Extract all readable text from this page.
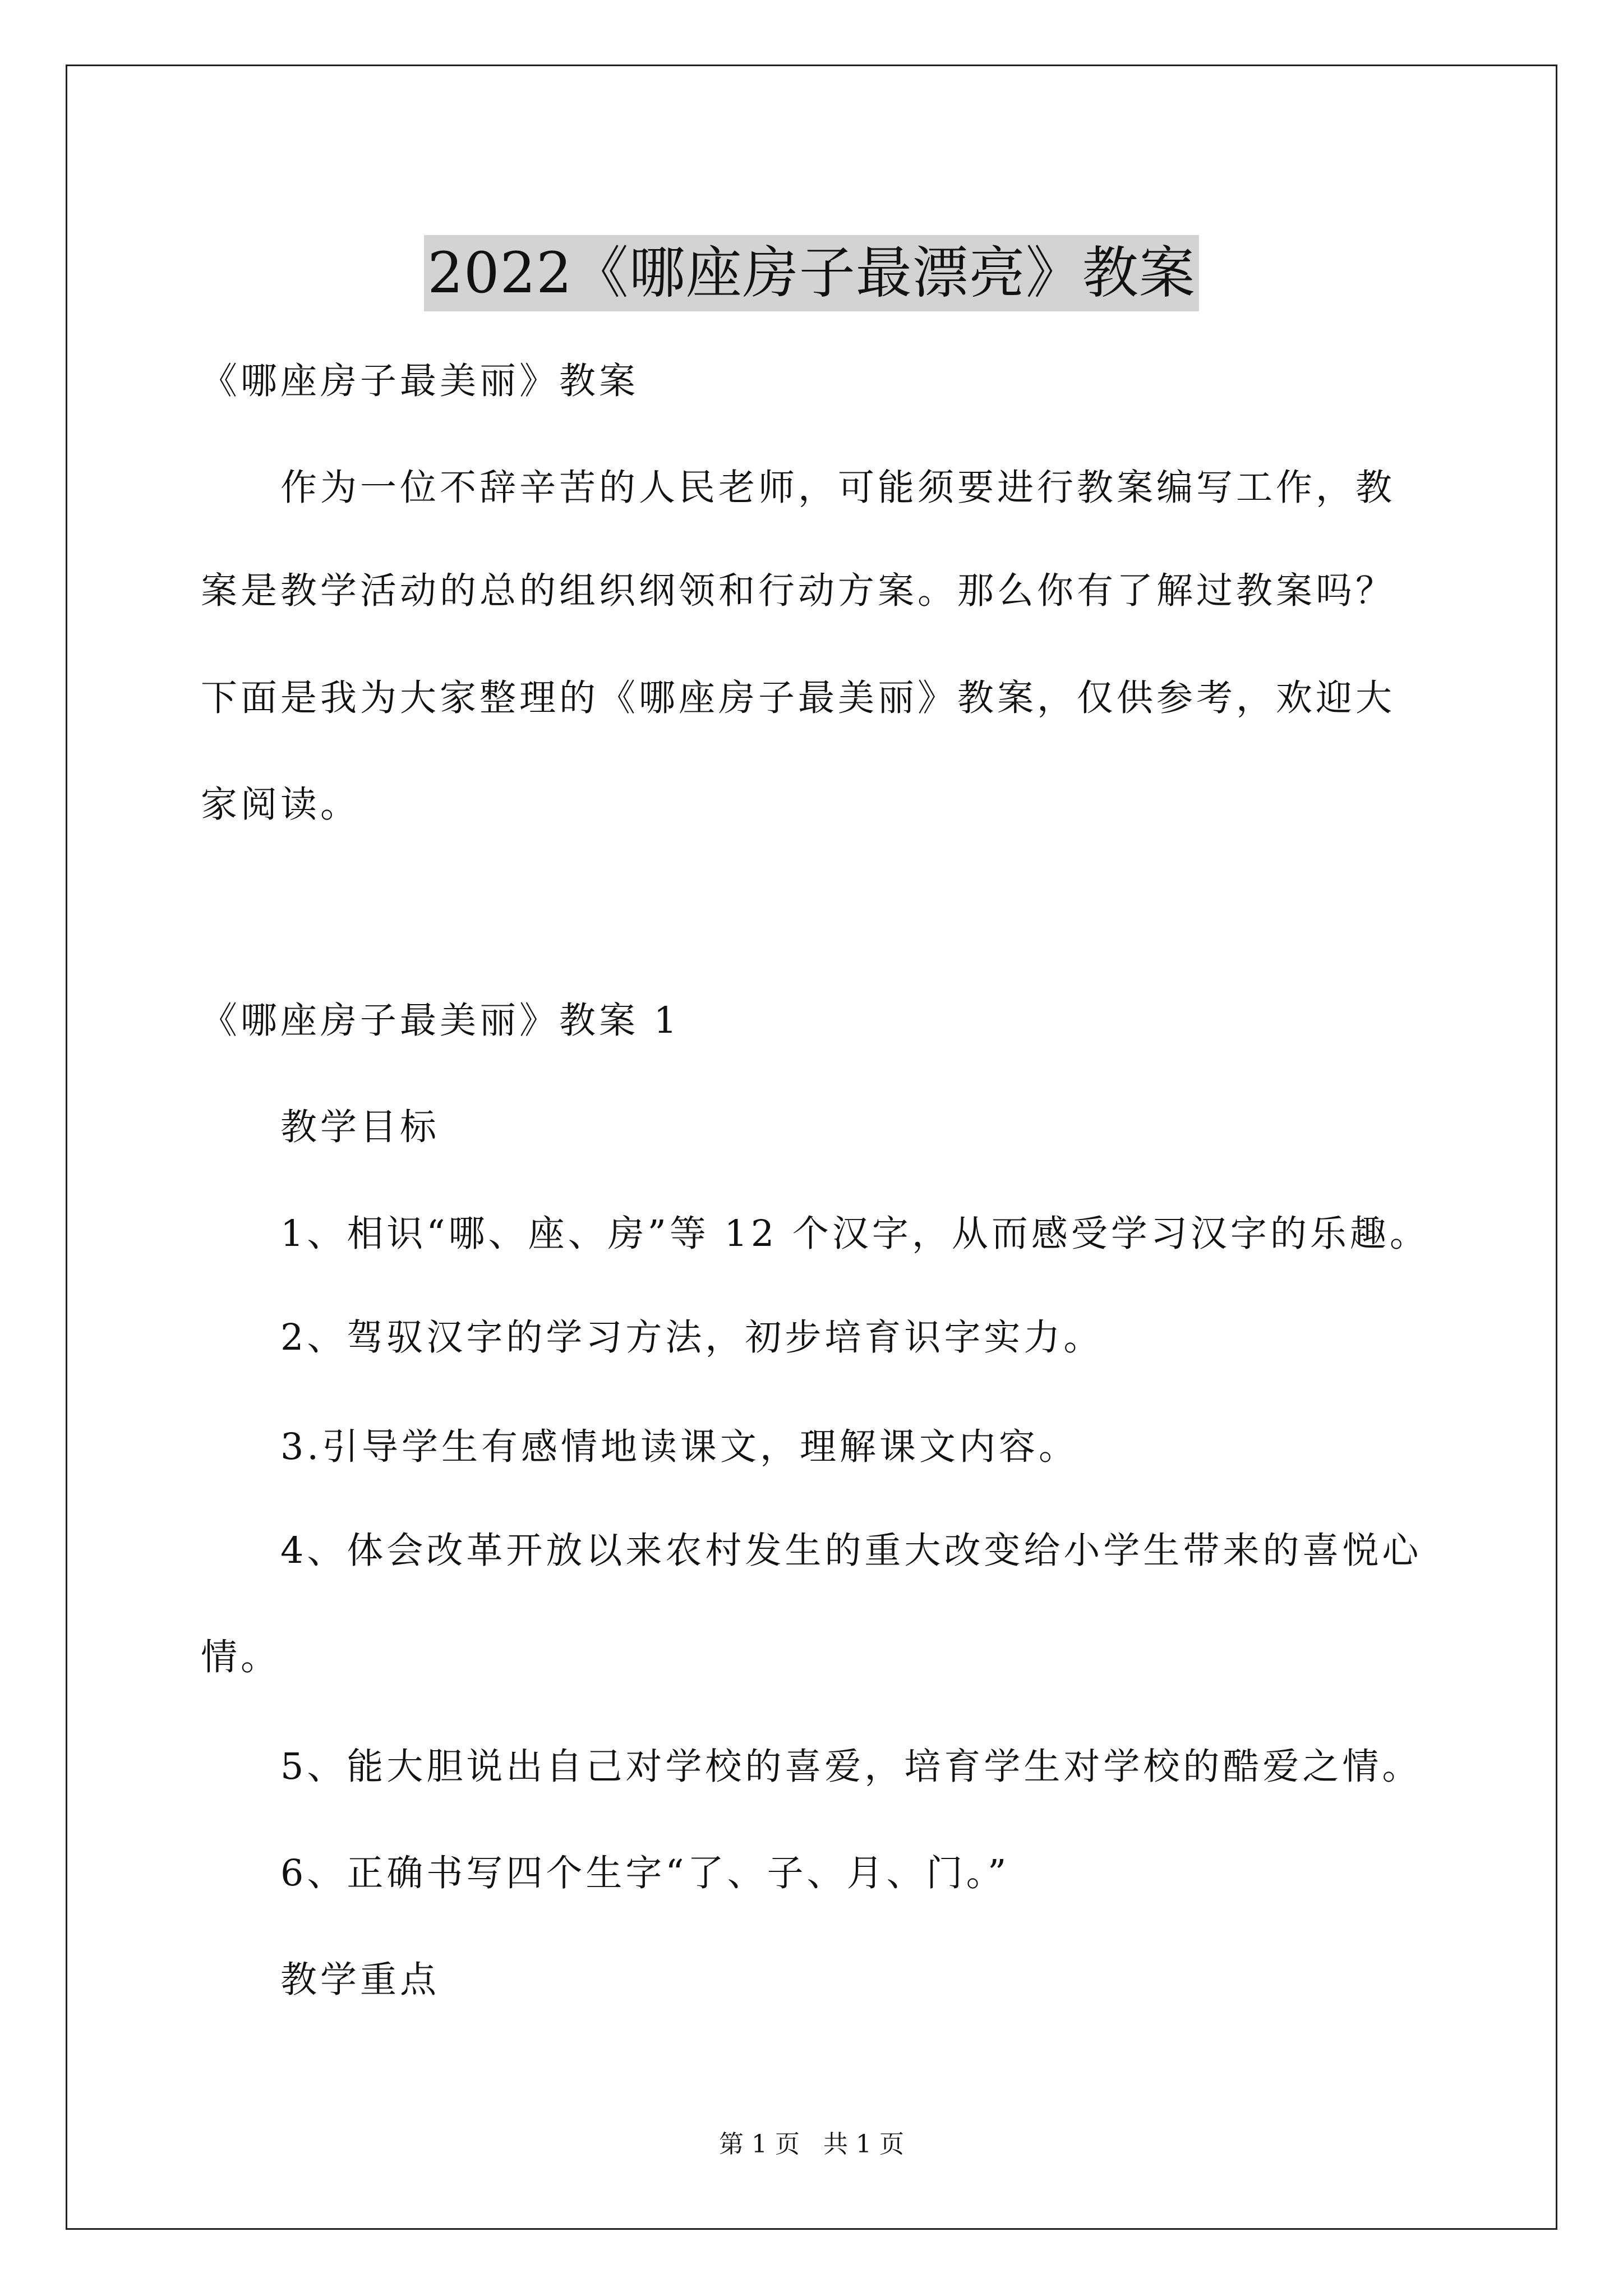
2022《哪座房子最漂亮》教案
《哪座房子最美丽》教案
作为一位不辞辛苦的人民老师，可能须要进行教案编写工作，教
案是教学活动的总的组织纲领和行动方案。那么你有了解过教案吗？
下面是我为大家整理的《哪座房子最美丽》教案，仅供参考，欢迎大
家阅读。
《哪座房子最美丽》教案 1
教学目标
1、相识“哪、座、房”等 12 个汉字，从而感受学习汉字的乐趣。
2、驾驭汉字的学习方法，初步培育识字实力。
3.引导学生有感情地读课文，理解课文内容。
4、体会改革开放以来农村发生的重大改变给小学生带来的喜悦心
情。
5、能大胆说出自己对学校的喜爱，培育学生对学校的酷爱之情。
6、正确书写四个生字“了、子、月、门。”
教学重点
第 1 页   共 1 页
